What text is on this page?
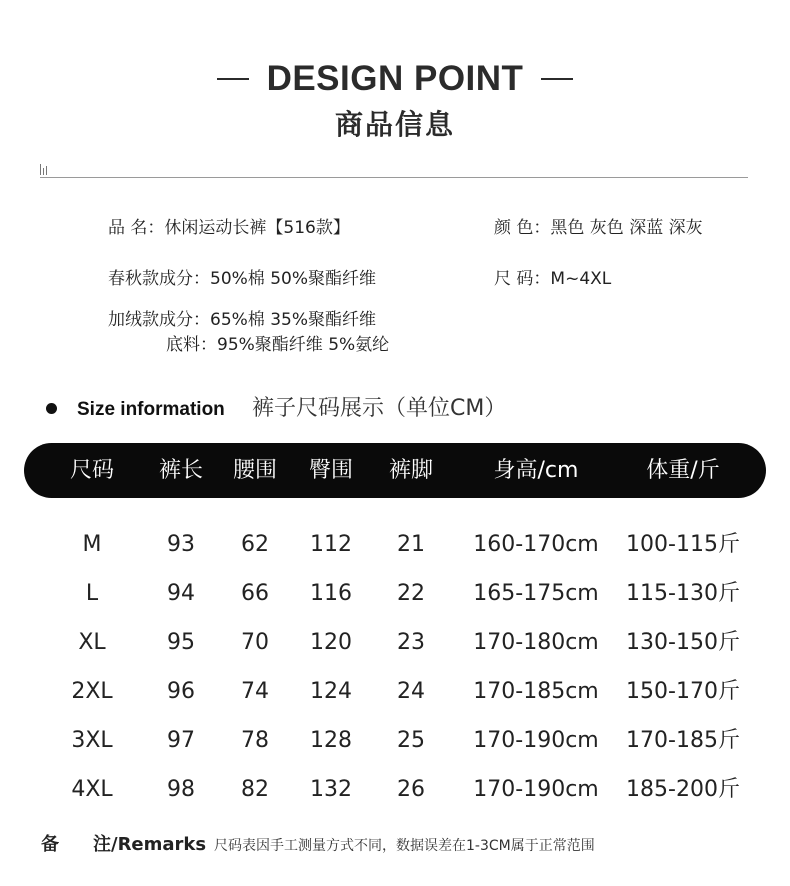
DESIGN POINT
商品信息
品 名：休闲运动长裤【516款】	颜 色：黑色 灰色 深蓝 深灰
春秋款成分：50%棉 50%聚酯纤维	尺 码：M~4XL
加绒款成分：65%棉 35%聚酯纤维
底料：95%聚酯纤维 5%氨纶
Size information 裤子尺码展示（单位CM）
尺码 裤长 腰围 臀围 裤脚	身高/cm	体重/斤
M	93 62 112 21 160-170cm 100-115斤
L	94 66 116 22 165-175cm 115-130斤
XL	95 70 120 23 170-180cm 130-150斤
2XL 96 74 124 24 170-185cm 150-170斤
3XL 97 78 128 25 170-190cm 170-185斤
4XL 98 82 132 26 170-190cm 185-200斤
备 注/Remarks 尺码表因手工测量方式不同，数据误差在1-3CM属于正常范围
